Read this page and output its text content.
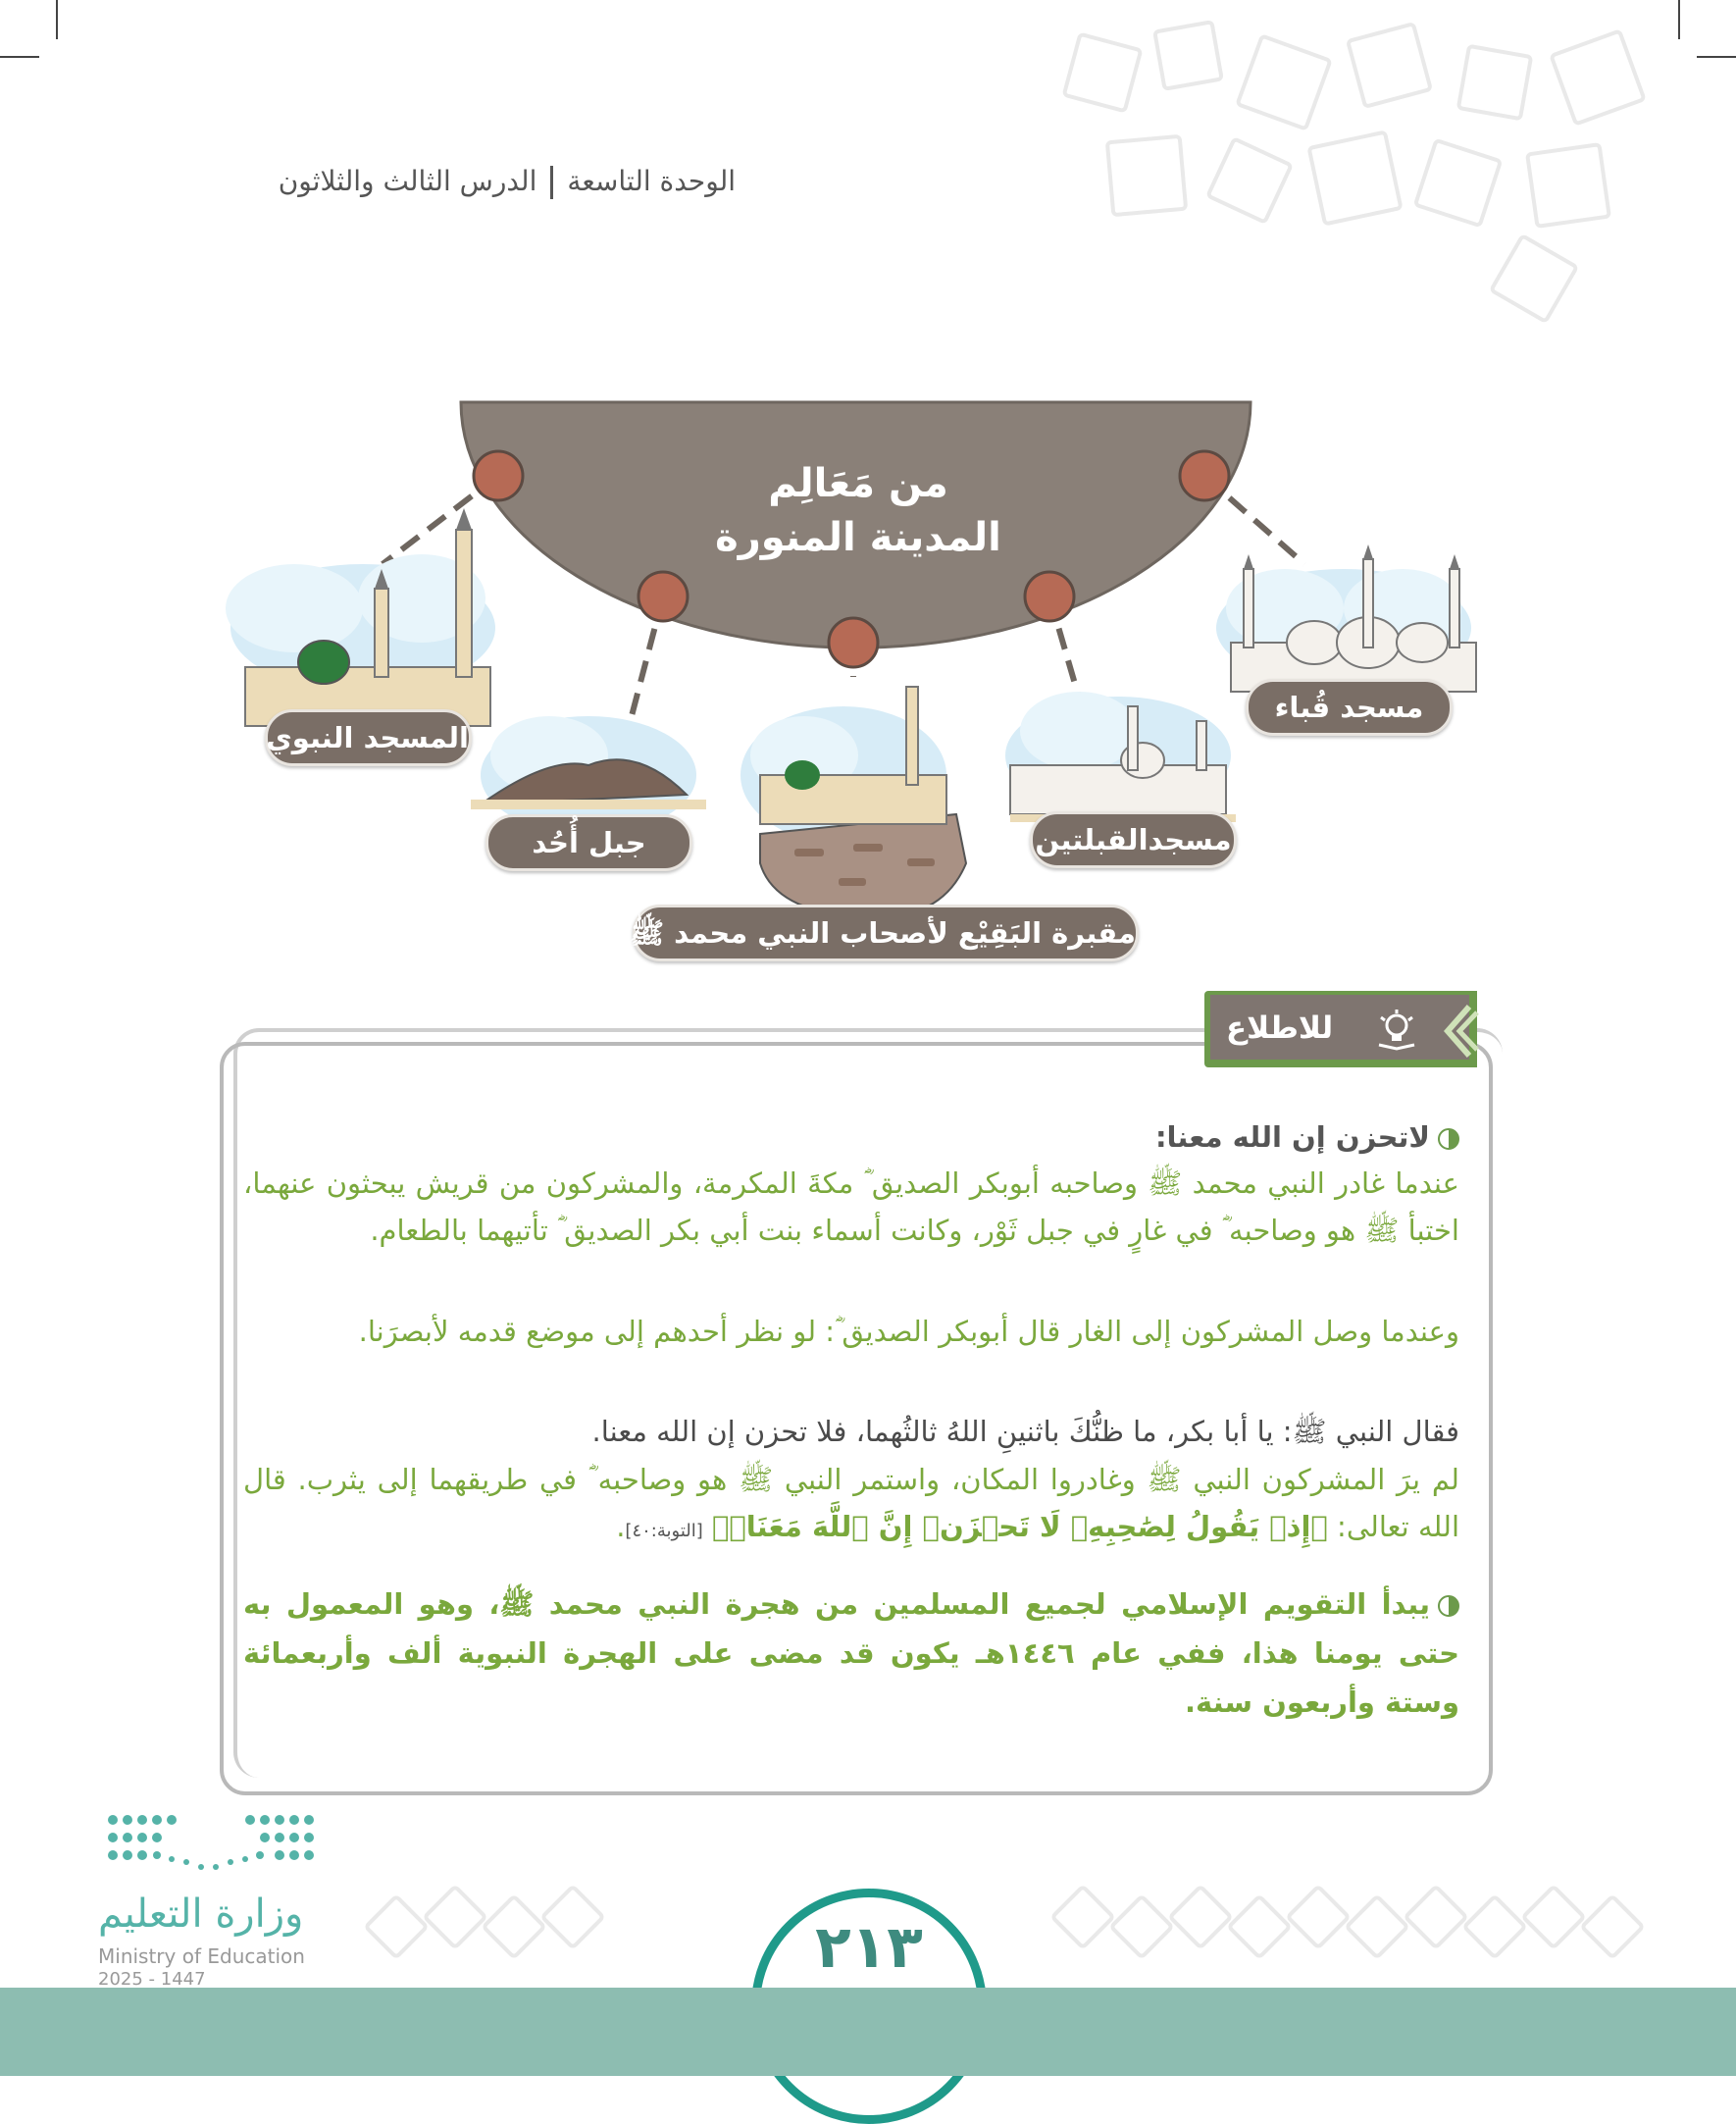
الوحدة التاسعةالدرس الثالث والثلاثون
من مَعَالِم
المدينة المنورة
مسجد قُباء
مسجدالقبلتين
مقبرة البَقِيْع لأصحاب النبي محمد ﷺ
جبل أُحُد
المسجد النبوي
للاطلاع
لاتحزن إن الله معنا:
عندما غادر النبي محمد ﷺ وصاحبه أبوبكر الصديق ؓ مكةَ المكرمة، والمشركون من قريش يبحثون عنهما، اختبأ ﷺ هو وصاحبه ؓ في غارٍ في جبل ثَوْر، وكانت أسماء بنت أبي بكر الصديق ؓ تأتيهما بالطعام.
وعندما وصل المشركون إلى الغار قال أبوبكر الصديق ؓ: لو نظر أحدهم إلى موضع قدمه لأبصرَنا.
فقال النبي ﷺ: يا أبا بكر، ما ظنُّكَ باثنينِ اللهُ ثالثُهما، فلا تحزن إن الله معنا.
لم يرَ المشركون النبي ﷺ وغادروا المكان، واستمر النبي ﷺ هو وصاحبه ؓ في طريقهما إلى يثرب. قال الله تعالى: ﴿إِذۡ يَقُولُ لِصَٰحِبِهِۦ لَا تَحۡزَنۡ إِنَّ ٱللَّهَ مَعَنَاۖ﴾ [التوبة:٤٠].
يبدأ التقويم الإسلامي لجميع المسلمين من هجرة النبي محمد ﷺ، وهو المعمول به حتى يومنا هذا، ففي عام ١٤٤٦هـ يكون قد مضى على الهجرة النبوية ألف وأربعمائة وستة وأربعون سنة.
٢١٣
وزارة التعليم
Ministry of Education
2025 - 1447
